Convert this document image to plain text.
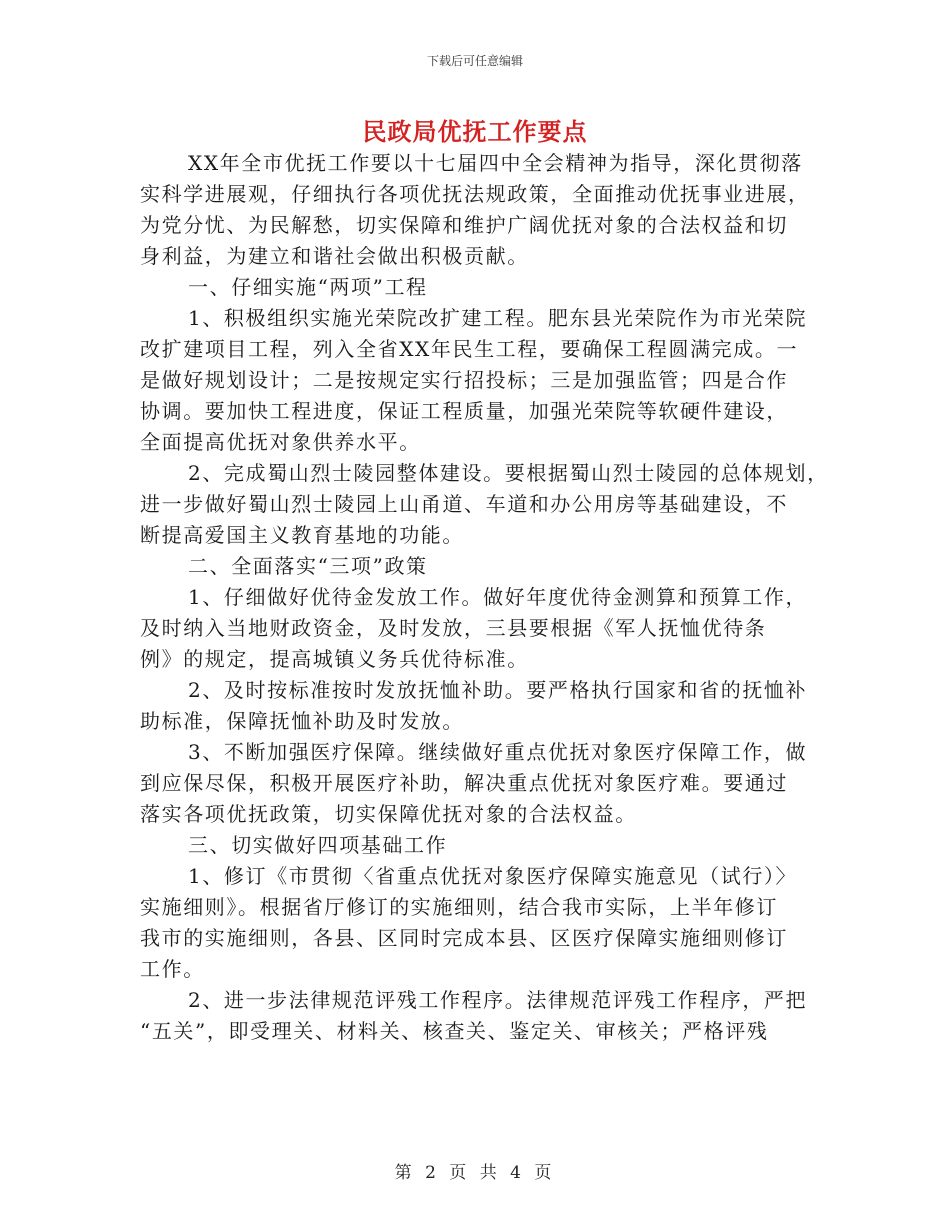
下载后可任意编辑
民政局优抚工作要点
XX年全市优抚工作要以十七届四中全会精神为指导，深化贯彻落
实科学进展观，仔细执行各项优抚法规政策，全面推动优抚事业进展，
为党分忧、为民解愁，切实保障和维护广阔优抚对象的合法权益和切
身利益，为建立和谐社会做出积极贡献。
一、仔细实施“两项”工程
1、积极组织实施光荣院改扩建工程。肥东县光荣院作为市光荣院
改扩建项目工程，列入全省XX年民生工程，要确保工程圆满完成。一
是做好规划设计；二是按规定实行招投标；三是加强监管；四是合作
协调。要加快工程进度，保证工程质量，加强光荣院等软硬件建设，
全面提高优抚对象供养水平。
2、完成蜀山烈士陵园整体建设。要根据蜀山烈士陵园的总体规划，
进一步做好蜀山烈士陵园上山甬道、车道和办公用房等基础建设，不
断提高爱国主义教育基地的功能。
二、全面落实“三项”政策
1、仔细做好优待金发放工作。做好年度优待金测算和预算工作，
及时纳入当地财政资金，及时发放，三县要根据《军人抚恤优待条
例》的规定，提高城镇义务兵优待标准。
2、及时按标准按时发放抚恤补助。要严格执行国家和省的抚恤补
助标准，保障抚恤补助及时发放。
3、不断加强医疗保障。继续做好重点优抚对象医疗保障工作，做
到应保尽保，积极开展医疗补助，解决重点优抚对象医疗难。要通过
落实各项优抚政策，切实保障优抚对象的合法权益。
三、切实做好四项基础工作
1、修订《市贯彻〈省重点优抚对象医疗保障实施意见（试行）〉
实施细则》。根据省厅修订的实施细则，结合我市实际，上半年修订
我市的实施细则，各县、区同时完成本县、区医疗保障实施细则修订
工作。
2、进一步法律规范评残工作程序。法律规范评残工作程序，严把
“五关”，即受理关、材料关、核查关、鉴定关、审核关；严格评残
第 2 页 共 4 页
